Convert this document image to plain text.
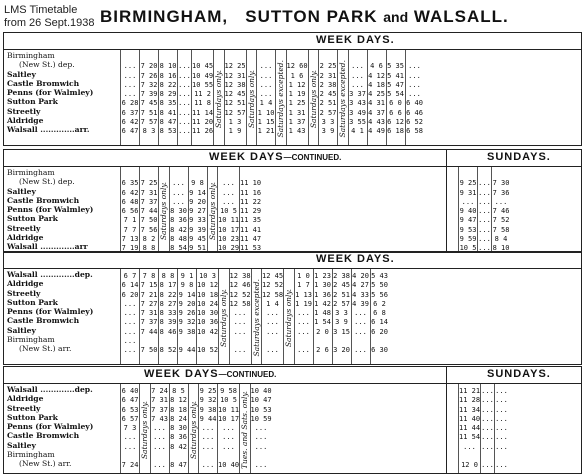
LMS Timetable
from 26 Sept.1938 BIRMINGHAM, SUTTON PARK and WALSALL.
WEEK DAYS.
Birmingham
(New St.) dep.
Saltley
Castle Bromwich
Penns (for Walmley)
Sutton Park
Streetly
Aldridge
Walsall .............arr.
...
...
...
...
6 28
6 37
6 42
6 47
7 20
7 26
7 32
7 39
7 45
7 51
7 57
8 3
8 10
8 16
8 22
8 29
8 35
8 41
8 47
8 53
...
...
...
...
...
...
...
...
10 45
10 49
10 55
11 2
11 8
11 14
11 20
11 26
Saturdays only.
12 25
12 31
12 38
12 45
12 51
12 57
1 3
1 9
Saturdays only.
...
...
...
...
1 4
1 10
1 15
1 21 Saturdays excepted. 12 60
1 6
1 12
1 19
1 25
1 31
1 37
1 43
Saturdays only.
2 25
2 31
2 38
2 45
2 51
2 57
3 3
3 9 Saturdays excepted. ...
...
...
3 37
3 43
3 49
3 55
4 1
4 6
4 12
4 18
4 25
4 31
4 37
4 43
4 49
5 35
5 41
5 47
5 54
6 0
6 6
6 12
6 18
...
...
...
...
6 40
6 46
6 52
6 58
WEEK DAYS—CONTINUED.	SUNDAYS.
Birmingham
(New St.) dep.
Saltley
Castle Bromwich
Penns (for Walmley)
Sutton Park
Streetly
Aldridge
Walsall .............arr
6 35
6 42
6 48
6 56
7 1
7 7
7 13
7 19
7 25
7 31
7 37
7 44
7 50
7 56
8 2
8 8
Saturdays only. ...
...
...
8 30
8 36
8 42
8 48
8 54
9 8
9 14
9 20
9 27
9 33
9 39
9 45
9 51
Saturdays only. ...
...
...
10 5
10 11
10 17
10 23
10 29
11 10
11 16
11 22
11 29
11 35
11 41
11 47
11 53
9 25
9 31
...
9 40
9 47
9 53
9 59
10 5
...
...
...
...
...
...
...
...
7 30
7 36
...
7 46
7 52
7 58
8 4
8 10
WEEK DAYS.
Walsall .............dep.
Aldridge
Streetly
Sutton Park
Penns (for Walmley)
Castle Bromwich
Saltley
Birmingham
(New St.) arr.
6 7
6 14
6 20
...
...
...
...
...
...
7 8
7 15
7 21
7 27
7 31
7 37
7 44
7 50
8 8
8 17
8 22
8 27
8 33
8 39
8 46
8 52
9 1
9 8
9 14
9 20
9 26
9 32
9 38
9 44
10 3
10 12
10 18
10 24
10 30
10 36
10 42
10 52
Saturdays only.
12 38
12 46
12 52
12 58
...
...
...
... Saturdays excepted.
12 45
12 52
12 58
1 4
...
...
...
...
Saturdays only.
1 0
1 7
1 13
1 19
...
...
...
...
1 23
1 30
1 36
1 42
1 48
1 54
2 0
2 6
2 38
2 45
2 51
2 57
3 3
3 9
3 15
3 20
4 20
4 27
4 33
4 39
...
...
...
...
5 43
5 50
5 56
6 2
6 8
6 14
6 20
6 30
WEEK DAYS—CONTINUED.	SUNDAYS.
Walsall .............dep.
Aldridge
Streetly
Sutton Park
Penns (for Walmley)
Castle Bromwich
Saltley
Birmingham
(New St.) arr.
6 40
6 47
6 53
6 57
7 3
...
...
7 24
Saturdays only.
7 24
7 31
7 37
7 43
...
...
...
...
8 5
8 12
8 18
8 24
8 30
8 36
8 42
8 47
Saturdays only.
9 25
9 32
9 38
9 44
...
...
...
...
9 58
10 5
10 11
10 17
...
...
...
10 40 Tues. and Sats. only. 10 40
10 47
10 53
10 59
...
...
...
...
11 21
11 28
11 34
11 40
11 44
11 54
...
12 0
...
...
...
...
...
...
...
...
...
...
...
...
...
...
...
...
